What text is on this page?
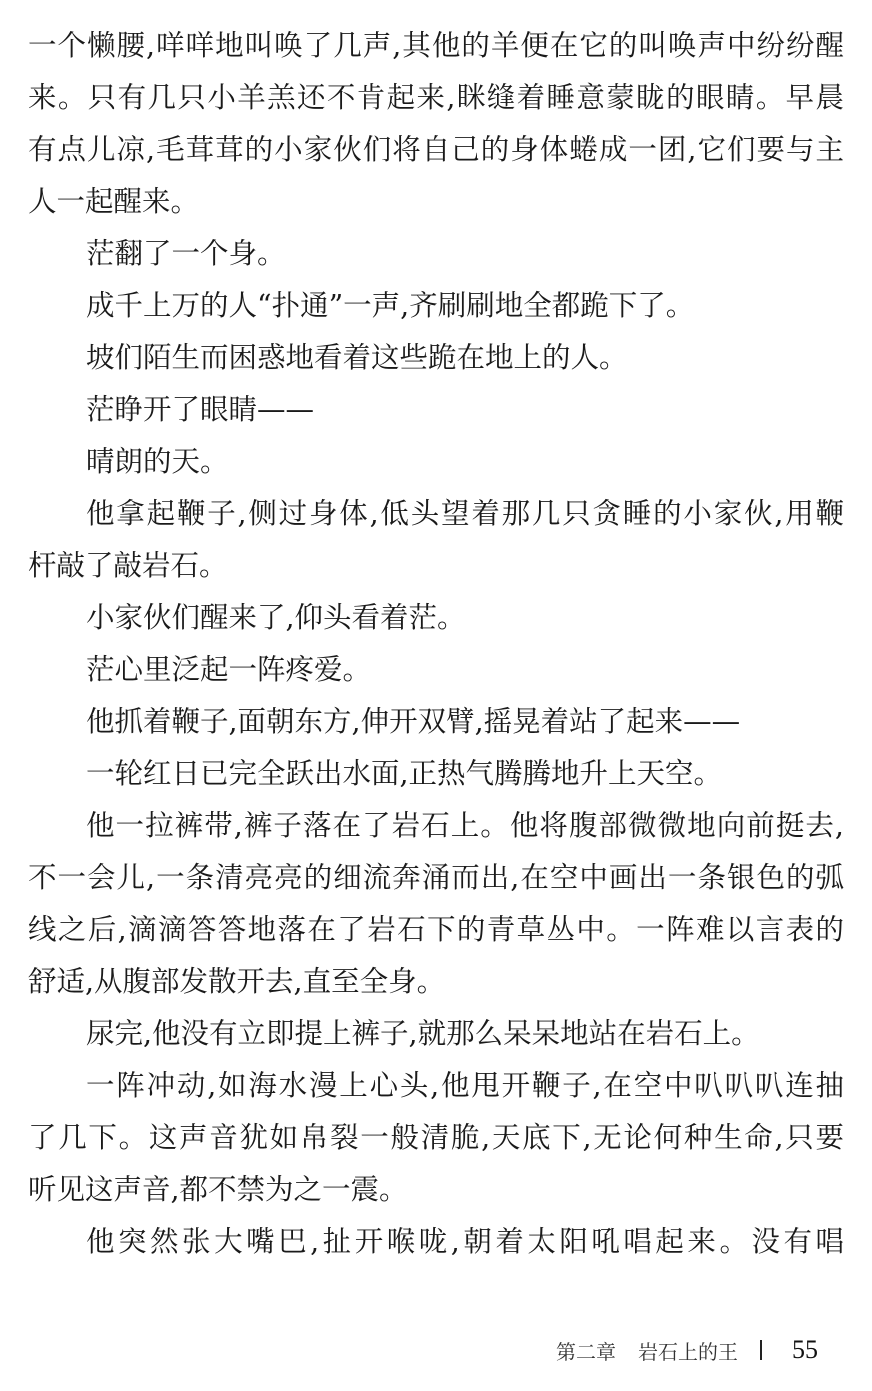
一个懒腰,咩咩地叫唤了几声,其他的羊便在它的叫唤声中纷纷醒
来。只有几只小羊羔还不肯起来,眯缝着睡意蒙眬的眼睛。早晨
有点儿凉,毛茸茸的小家伙们将自己的身体蜷成一团,它们要与主
人一起醒来。
茫翻了一个身。
成千上万的人“扑通”一声,齐刷刷地全都跪下了。
坡们陌生而困惑地看着这些跪在地上的人。
茫睁开了眼睛——
晴朗的天。
他拿起鞭子,侧过身体,低头望着那几只贪睡的小家伙,用鞭
杆敲了敲岩石。
小家伙们醒来了,仰头看着茫。
茫心里泛起一阵疼爱。
他抓着鞭子,面朝东方,伸开双臂,摇晃着站了起来——
一轮红日已完全跃出水面,正热气腾腾地升上天空。
他一拉裤带,裤子落在了岩石上。他将腹部微微地向前挺去,
不一会儿,一条清亮亮的细流奔涌而出,在空中画出一条银色的弧
线之后,滴滴答答地落在了岩石下的青草丛中。一阵难以言表的
舒适,从腹部发散开去,直至全身。
尿完,他没有立即提上裤子,就那么呆呆地站在岩石上。
一阵冲动,如海水漫上心头,他甩开鞭子,在空中叭叭叭连抽
了几下。这声音犹如帛裂一般清脆,天底下,无论何种生命,只要
听见这声音,都不禁为之一震。
他突然张大嘴巴,扯开喉咙,朝着太阳吼唱起来。没有唱
第二章 岩石上的王 55
